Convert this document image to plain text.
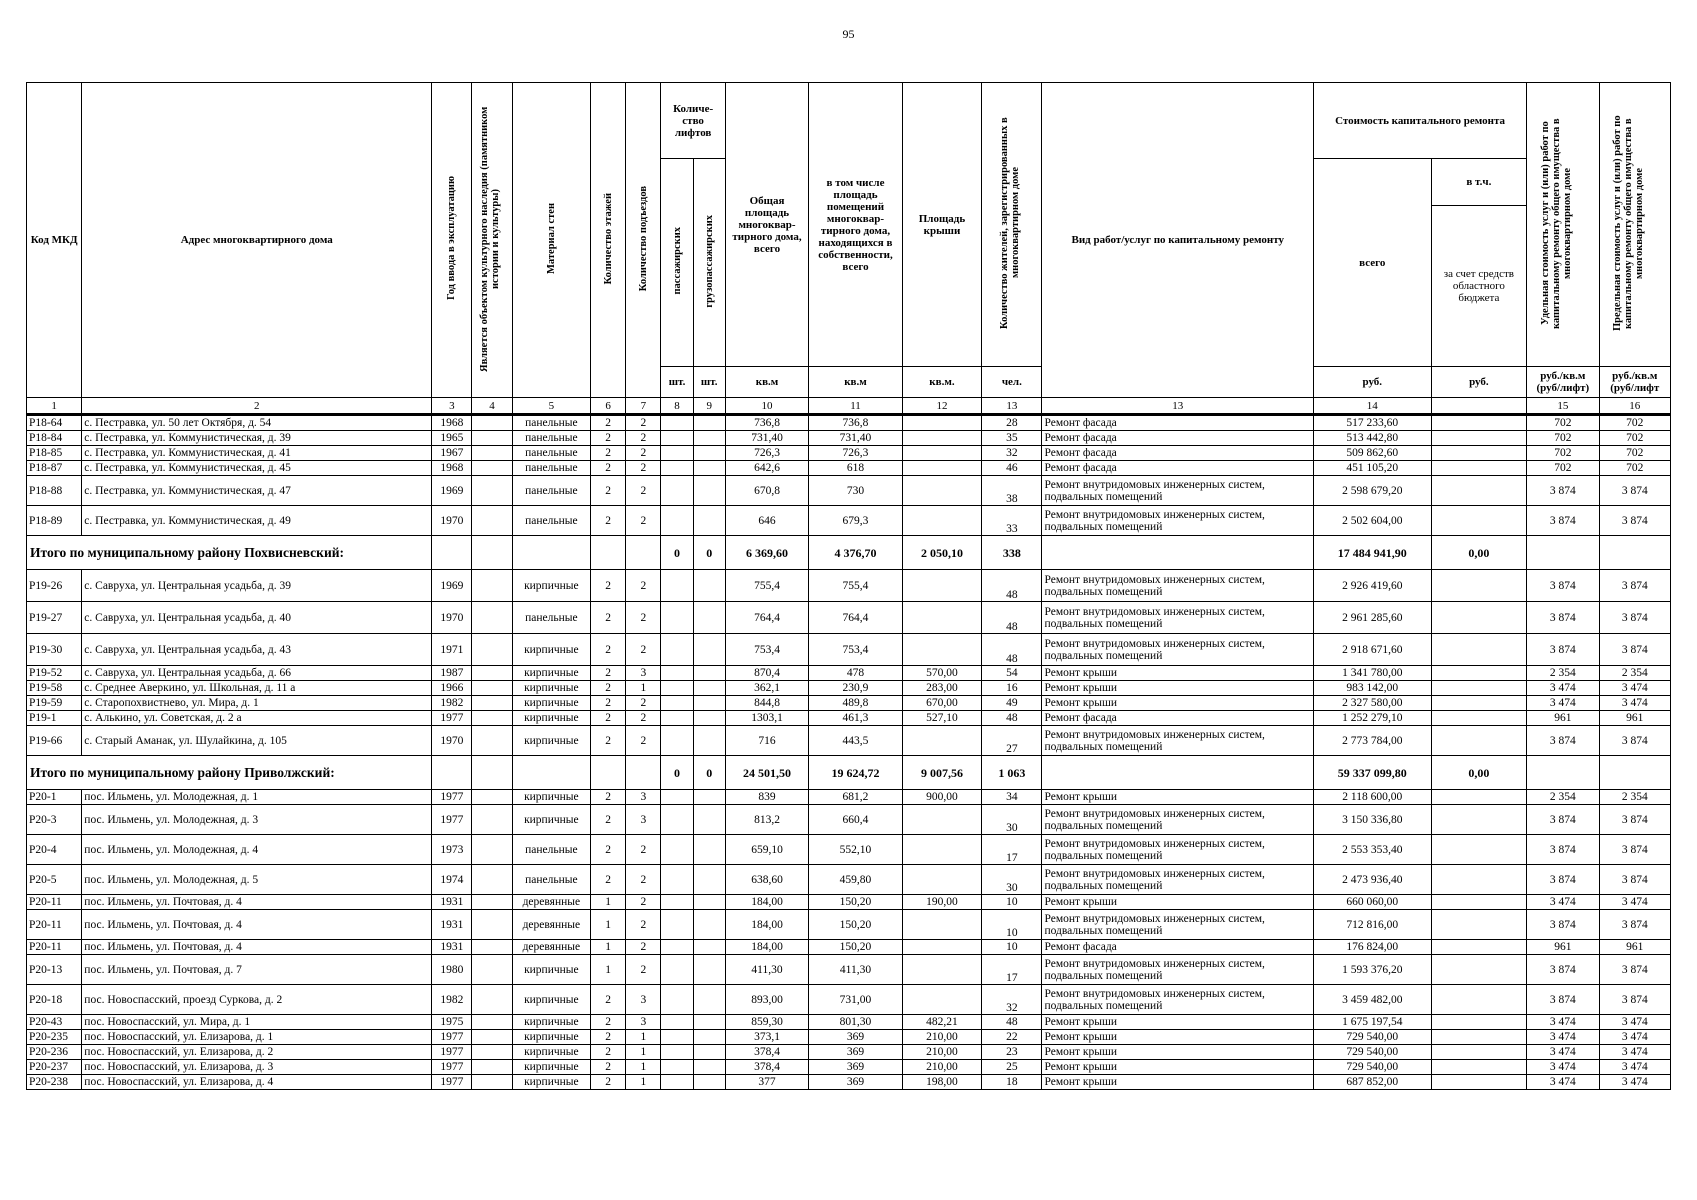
95
Код МКД	Адрес многоквартирного дома	Год ввода в эксплуатацию	Является объектом культурного наследия (памятником истории и культуры)	Материал стен	Количество этажей	Количество подъездов	Количе- ство лифтов		Общая площадь многоквар- тирного дома, всего	в том числе площадь помещений многоквар- тирного дома, находящихся в собственности, всего	Площадь крыши	Количество жителей, зарегистрированных в многоквартирном доме	Вид работ/услуг по капитальному ремонту	Стоимость капитального ремонта		Удельная стоимость услуг и (или) работ по капитальному ремонту общего имущества в многоквартирном доме	Предельная стоимость услуг и (или) работ по капитальному ремонту общего имущества в многоквартирном доме
							пассажирских	грузопассажирских						всего	в т.ч.		
															за счет средств областного бюджета		
							шт.	шт.	кв.м	кв.м	кв.м.	чел.		руб.	руб.	руб./кв.м (руб/лифт)	руб./кв.м (руб/лифт
1	2	3	4	5	6	7	8	9	10	11	12	13	13	14		15	16
Р18-64	с. Пестравка, ул. 50 лет Октября, д. 54	1968		панельные	2	2			736,8	736,8		28	Ремонт фасада	517 233,60		702	702
Р18-84	с. Пестравка, ул. Коммунистическая, д. 39	1965		панельные	2	2			731,40	731,40		35	Ремонт фасада	513 442,80		702	702
Р18-85	с. Пестравка, ул. Коммунистическая, д. 41	1967		панельные	2	2			726,3	726,3		32	Ремонт фасада	509 862,60		702	702
Р18-87	с. Пестравка, ул. Коммунистическая, д. 45	1968		панельные	2	2			642,6	618		46	Ремонт фасада	451 105,20		702	702
Р18-88	с. Пестравка, ул. Коммунистическая, д. 47	1969		панельные	2	2			670,8	730		38	Ремонт внутридомовых инженерных систем, подвальных помещений	2 598 679,20		3 874	3 874
Р18-89	с. Пестравка, ул. Коммунистическая, д. 49	1970		панельные	2	2			646	679,3		33	Ремонт внутридомовых инженерных систем, подвальных помещений	2 502 604,00		3 874	3 874
Итого по муниципальному району Похвисневский:							0	0	6 369,60	4 376,70	2 050,10	338		17 484 941,90	0,00		
Р19-26	с. Савруха, ул. Центральная усадьба, д. 39	1969		кирпичные	2	2			755,4	755,4		48	Ремонт внутридомовых инженерных систем, подвальных помещений	2 926 419,60		3 874	3 874
Р19-27	с. Савруха, ул. Центральная усадьба, д. 40	1970		панельные	2	2			764,4	764,4		48	Ремонт внутридомовых инженерных систем, подвальных помещений	2 961 285,60		3 874	3 874
Р19-30	с. Савруха, ул. Центральная усадьба, д. 43	1971		кирпичные	2	2			753,4	753,4		48	Ремонт внутридомовых инженерных систем, подвальных помещений	2 918 671,60		3 874	3 874
Р19-52	с. Савруха, ул. Центральная усадьба, д. 66	1987		кирпичные	2	3			870,4	478	570,00	54	Ремонт крыши	1 341 780,00		2 354	2 354
Р19-58	с. Среднее Аверкино, ул. Школьная, д. 11 а	1966		кирпичные	2	1			362,1	230,9	283,00	16	Ремонт крыши	983 142,00		3 474	3 474
Р19-59	с. Старопохвистнево, ул. Мира, д. 1	1982		кирпичные	2	2			844,8	489,8	670,00	49	Ремонт крыши	2 327 580,00		3 474	3 474
Р19-1	с. Алькино, ул. Советская, д. 2 а	1977		кирпичные	2	2			1303,1	461,3	527,10	48	Ремонт фасада	1 252 279,10		961	961
Р19-66	с. Старый Аманак, ул. Шулайкина, д. 105	1970		кирпичные	2	2			716	443,5		27	Ремонт внутридомовых инженерных систем, подвальных помещений	2 773 784,00		3 874	3 874
Итого по муниципальному району Приволжский:							0	0	24 501,50	19 624,72	9 007,56	1 063		59 337 099,80	0,00		
Р20-1	пос. Ильмень, ул. Молодежная, д. 1	1977		кирпичные	2	3			839	681,2	900,00	34	Ремонт крыши	2 118 600,00		2 354	2 354
Р20-3	пос. Ильмень, ул. Молодежная, д. 3	1977		кирпичные	2	3			813,2	660,4		30	Ремонт внутридомовых инженерных систем, подвальных помещений	3 150 336,80		3 874	3 874
Р20-4	пос. Ильмень, ул. Молодежная, д. 4	1973		панельные	2	2			659,10	552,10		17	Ремонт внутридомовых инженерных систем, подвальных помещений	2 553 353,40		3 874	3 874
Р20-5	пос. Ильмень, ул. Молодежная, д. 5	1974		панельные	2	2			638,60	459,80		30	Ремонт внутридомовых инженерных систем, подвальных помещений	2 473 936,40		3 874	3 874
Р20-11	пос. Ильмень, ул. Почтовая, д. 4	1931		деревянные	1	2			184,00	150,20	190,00	10	Ремонт крыши	660 060,00		3 474	3 474
Р20-11	пос. Ильмень, ул. Почтовая, д. 4	1931		деревянные	1	2			184,00	150,20		10	Ремонт внутридомовых инженерных систем, подвальных помещений	712 816,00		3 874	3 874
Р20-11	пос. Ильмень, ул. Почтовая, д. 4	1931		деревянные	1	2			184,00	150,20		10	Ремонт фасада	176 824,00		961	961
Р20-13	пос. Ильмень, ул. Почтовая, д. 7	1980		кирпичные	1	2			411,30	411,30		17	Ремонт внутридомовых инженерных систем, подвальных помещений	1 593 376,20		3 874	3 874
Р20-18	пос. Новоспасский, проезд Суркова, д. 2	1982		кирпичные	2	3			893,00	731,00		32	Ремонт внутридомовых инженерных систем, подвальных помещений	3 459 482,00		3 874	3 874
Р20-43	пос. Новоспасский, ул. Мира, д. 1	1975		кирпичные	2	3			859,30	801,30	482,21	48	Ремонт крыши	1 675 197,54		3 474	3 474
Р20-235	пос. Новоспасский, ул. Елизарова, д. 1	1977		кирпичные	2	1			373,1	369	210,00	22	Ремонт крыши	729 540,00		3 474	3 474
Р20-236	пос. Новоспасский, ул. Елизарова, д. 2	1977		кирпичные	2	1			378,4	369	210,00	23	Ремонт крыши	729 540,00		3 474	3 474
Р20-237	пос. Новоспасский, ул. Елизарова, д. 3	1977		кирпичные	2	1			378,4	369	210,00	25	Ремонт крыши	729 540,00		3 474	3 474
Р20-238	пос. Новоспасский, ул. Елизарова, д. 4	1977		кирпичные	2	1			377	369	198,00	18	Ремонт крыши	687 852,00		3 474	3 474
